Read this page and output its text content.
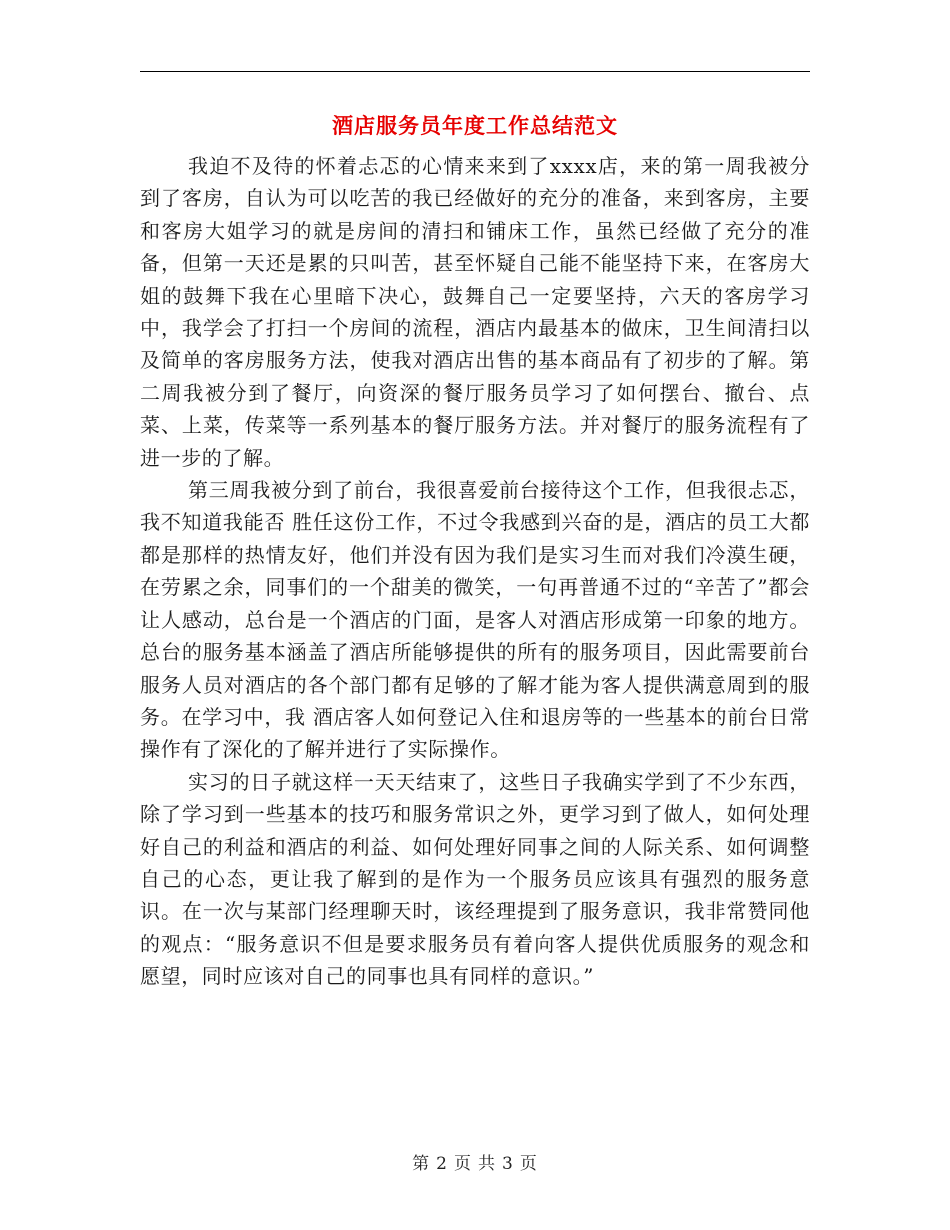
酒店服务员年度工作总结范文

我迫不及待的怀着忐忑的心情来来到了xxxx店，来的第一周我被分到了客房，自认为可以吃苦的我已经做好的充分的准备，来到客房，主要和客房大姐学习的就是房间的清扫和铺床工作，虽然已经做了充分的准备，但第一天还是累的只叫苦，甚至怀疑自己能不能坚持下来，在客房大姐的鼓舞下我在心里暗下决心，鼓舞自己一定要坚持，六天的客房学习中，我学会了打扫一个房间的流程，酒店内最基本的做床，卫生间清扫以及简单的客房服务方法，使我对酒店出售的基本商品有了初步的了解。第二周我被分到了餐厅，向资深的餐厅服务员学习了如何摆台、撤台、点菜、上菜，传菜等一系列基本的餐厅服务方法。并对餐厅的服务流程有了进一步的了解。

第三周我被分到了前台，我很喜爱前台接待这个工作，但我很忐忑，我不知道我能否 胜任这份工作，不过令我感到兴奋的是，酒店的员工大都都是那样的热情友好，他们并没有因为我们是实习生而对我们冷漠生硬，在劳累之余，同事们的一个甜美的微笑，一句再普通不过的“辛苦了”都会让人感动，总台是一个酒店的门面，是客人对酒店形成第一印象的地方。总台的服务基本涵盖了酒店所能够提供的所有的服务项目，因此需要前台服务人员对酒店的各个部门都有足够的了解才能为客人提供满意周到的服务。在学习中，我 酒店客人如何登记入住和退房等的一些基本的前台日常操作有了深化的了解并进行了实际操作。

实习的日子就这样一天天结束了，这些日子我确实学到了不少东西，除了学习到一些基本的技巧和服务常识之外，更学习到了做人，如何处理好自己的利益和酒店的利益、如何处理好同事之间的人际关系、如何调整自己的心态，更让我了解到的是作为一个服务员应该具有强烈的服务意识。在一次与某部门经理聊天时，该经理提到了服务意识，我非常赞同他的观点：“服务意识不但是要求服务员有着向客人提供优质服务的观念和愿望，同时应该对自己的同事也具有同样的意识。”

第 2 页 共 3 页
